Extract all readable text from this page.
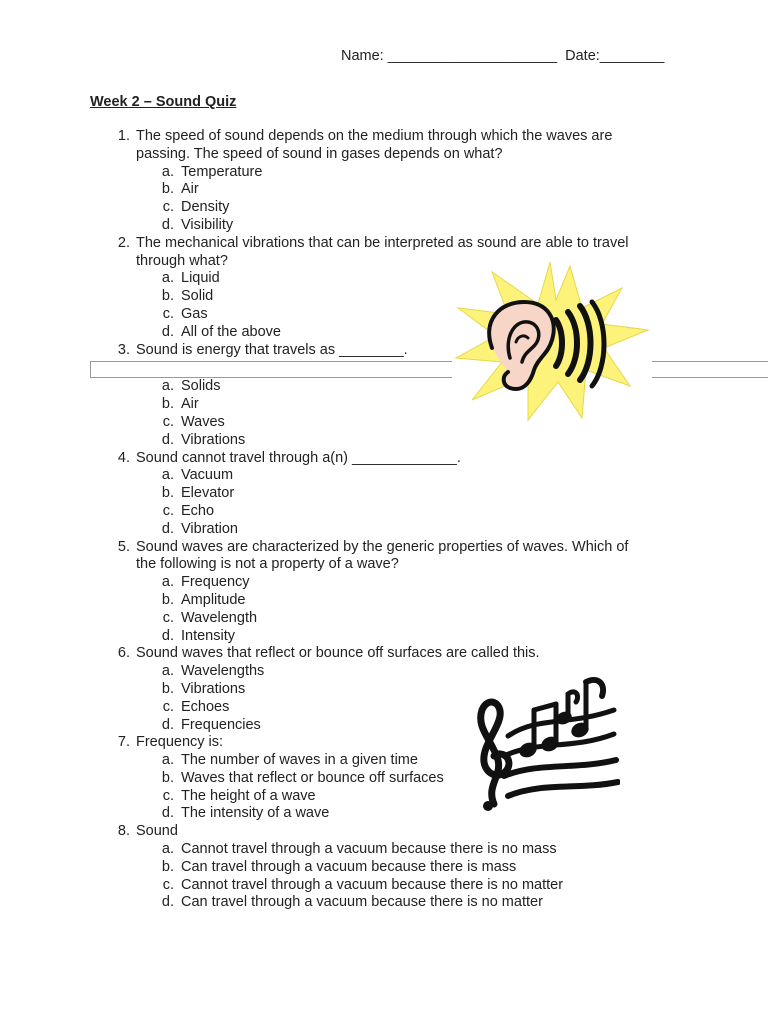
Name: _____________________  Date:________
Week 2 – Sound Quiz
1. The speed of sound depends on the medium through which the waves are passing. The speed of sound in gases depends on what?
a. Temperature
b. Air
c. Density
d. Visibility
2. The mechanical vibrations that can be interpreted as sound are able to travel through what?
a. Liquid
b. Solid
c. Gas
d. All of the above
3. Sound is energy that travels as ________.
a. Solids
b. Air
c. Waves
d. Vibrations
4. Sound cannot travel through a(n) _____________.
a. Vacuum
b. Elevator
c. Echo
d. Vibration
5. Sound waves are characterized by the generic properties of waves. Which of the following is not a property of a wave?
a. Frequency
b. Amplitude
c. Wavelength
d. Intensity
6. Sound waves that reflect or bounce off surfaces are called this.
a. Wavelengths
b. Vibrations
c. Echoes
d. Frequencies
7. Frequency is:
a. The number of waves in a given time
b. Waves that reflect or bounce off surfaces
c. The height of a wave
d. The intensity of a wave
8. Sound
a. Cannot travel through a vacuum because there is no mass
b. Can travel through a vacuum because there is mass
c. Cannot travel through a vacuum because there is no matter
d. Can travel through a vacuum because there is no matter
